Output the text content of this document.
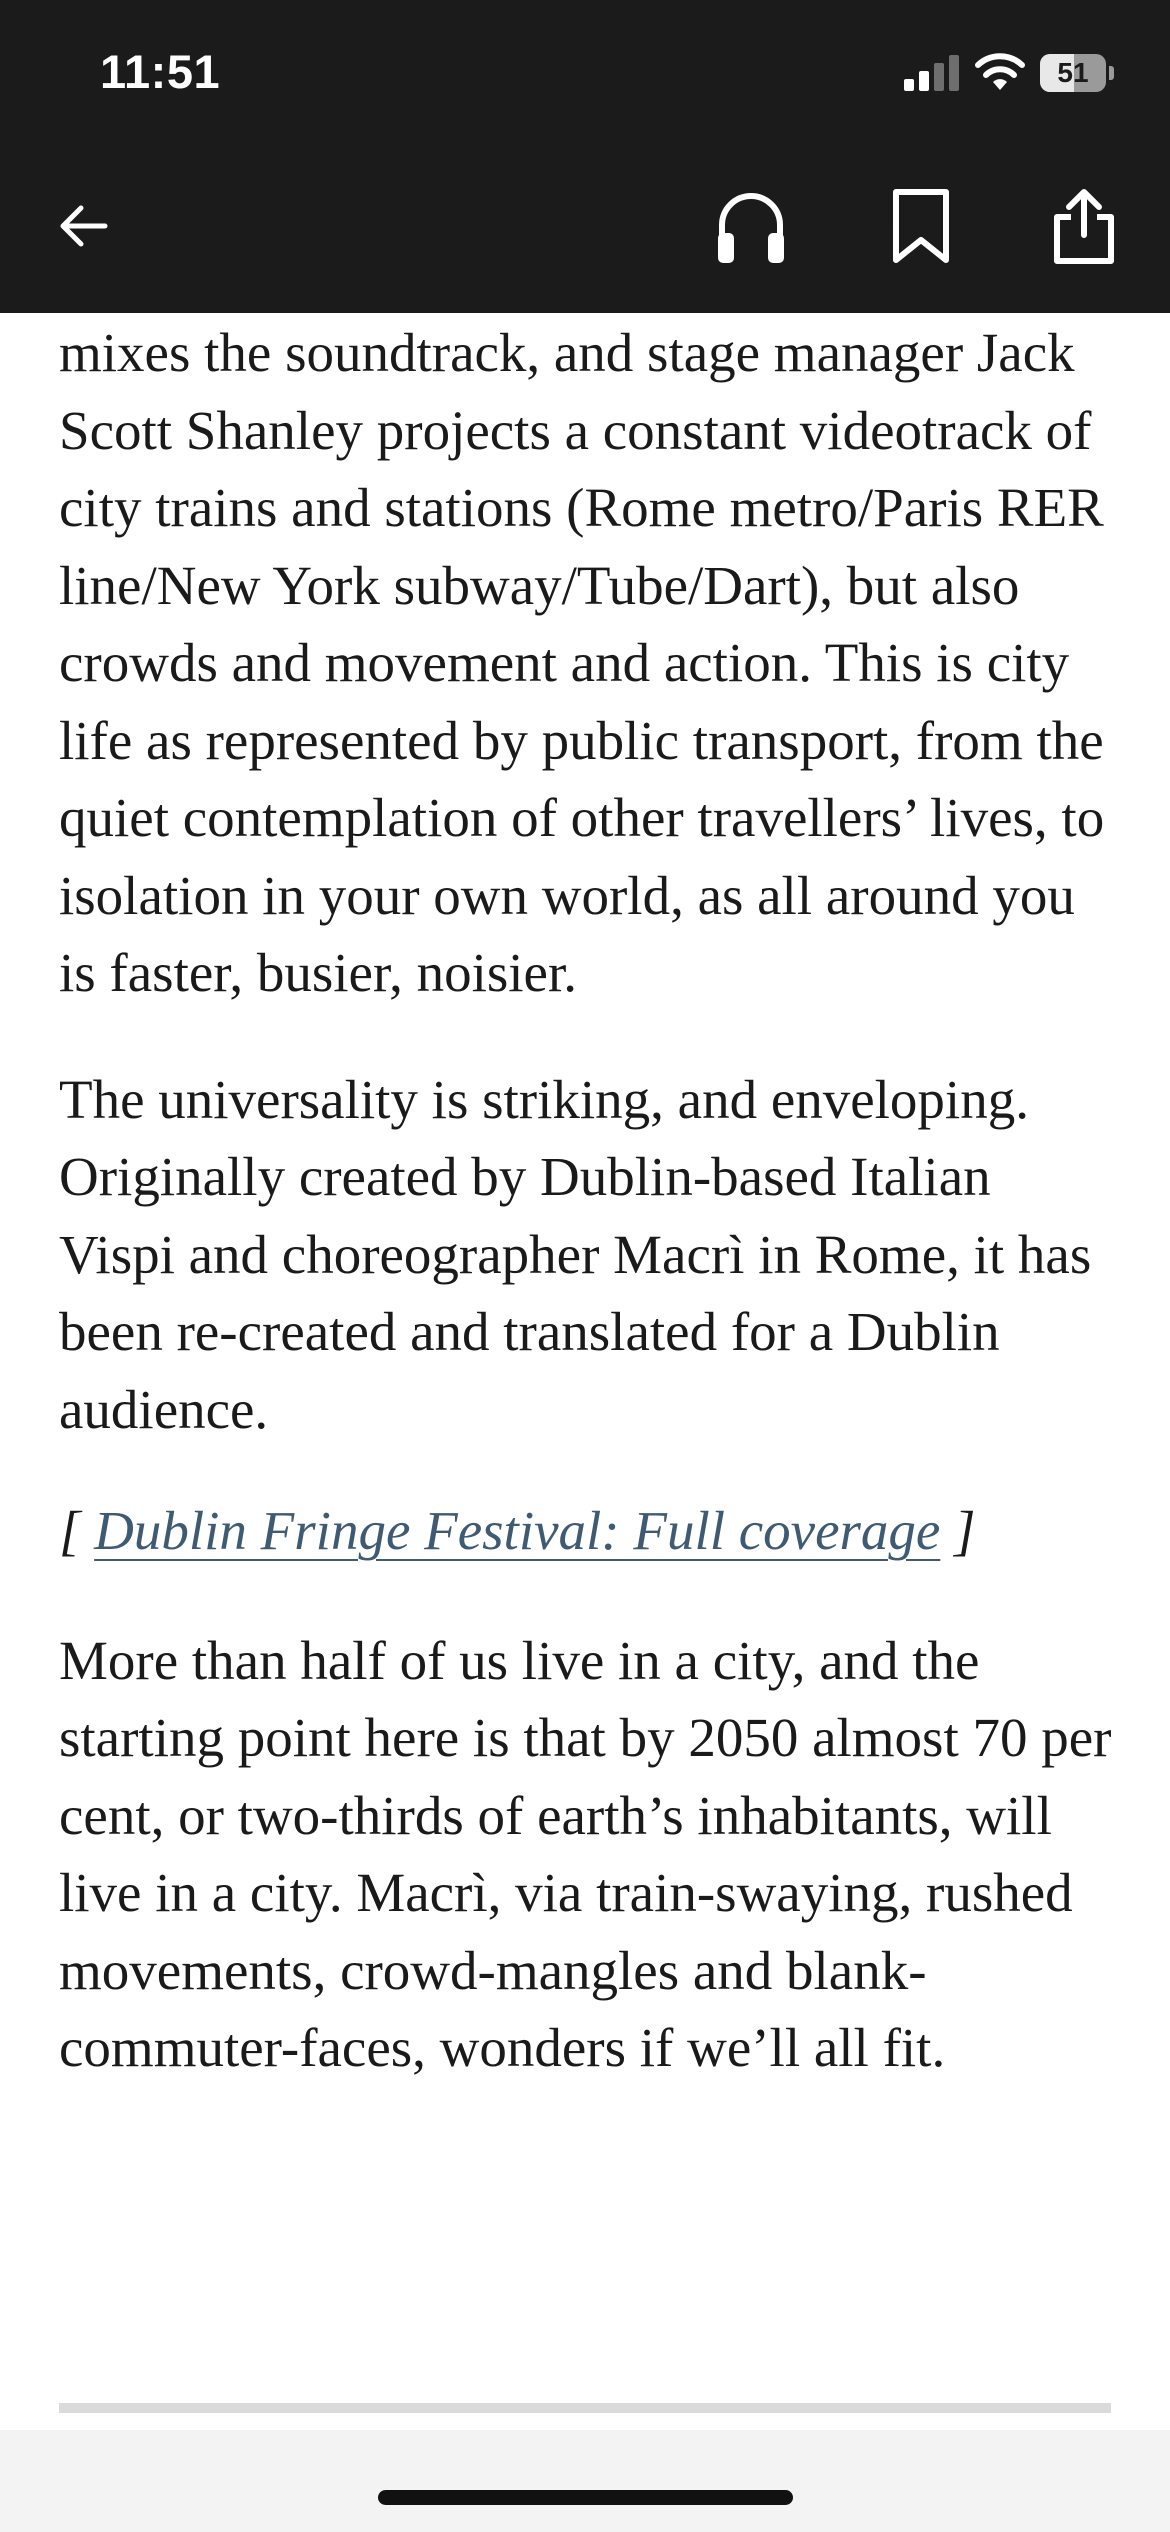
11:51	51

mixes the soundtrack, and stage manager Jack Scott Shanley projects a constant videotrack of city trains and stations (Rome metro/Paris RER line/New York subway/Tube/Dart), but also crowds and movement and action. This is city life as represented by public transport, from the quiet contemplation of other travellers’ lives, to isolation in your own world, as all around you is faster, busier, noisier.

The universality is striking, and enveloping. Originally created by Dublin-based Italian Vispi and choreographer Macrì in Rome, it has been re-created and translated for a Dublin audience.

[ Dublin Fringe Festival: Full coverage ]

More than half of us live in a city, and the starting point here is that by 2050 almost 70 per cent, or two-thirds of earth’s inhabitants, will live in a city. Macrì, via train-swaying, rushed movements, crowd-mangles and blank-commuter-faces, wonders if we’ll all fit.
